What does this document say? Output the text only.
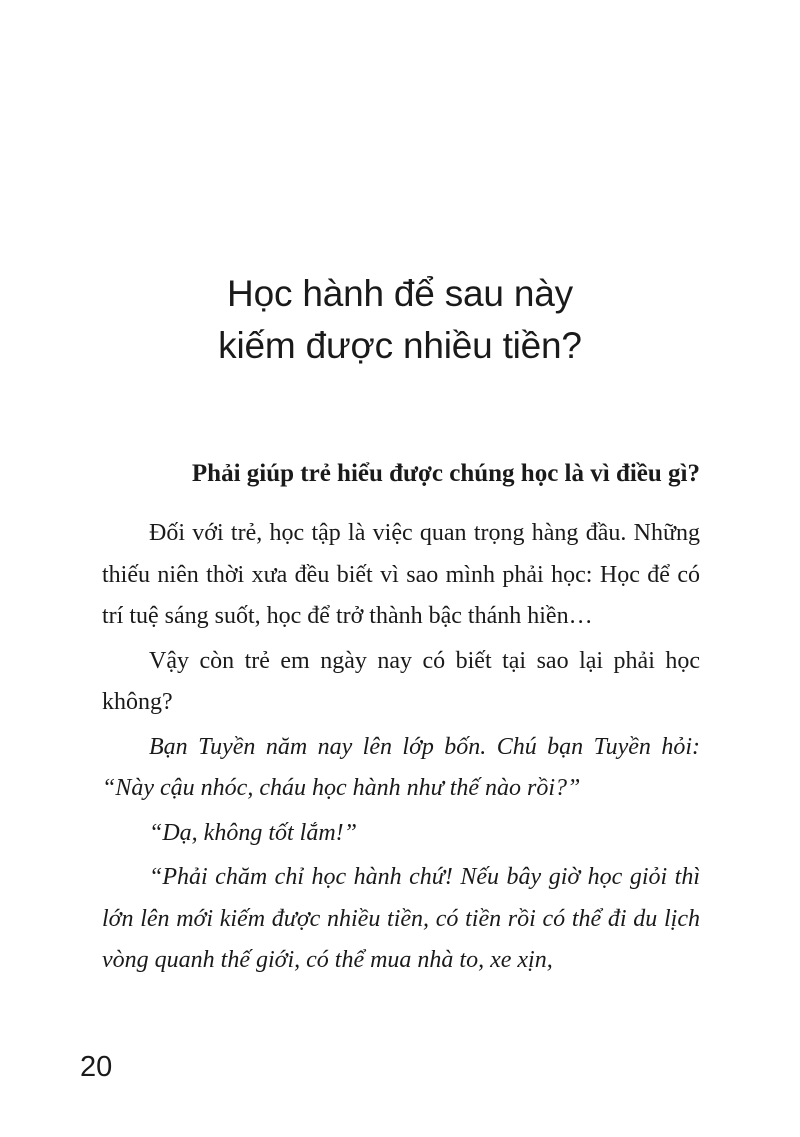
Học hành để sau này
kiếm được nhiều tiền?
Phải giúp trẻ hiểu được chúng học là vì điều gì?

Đối với trẻ, học tập là việc quan trọng hàng đầu. Những thiếu niên thời xưa đều biết vì sao mình phải học: Học để có trí tuệ sáng suốt, học để trở thành bậc thánh hiền…

Vậy còn trẻ em ngày nay có biết tại sao lại phải học không?

Bạn Tuyền năm nay lên lớp bốn. Chú bạn Tuyền hỏi: “Này cậu nhóc, cháu học hành như thế nào rồi?”

“Dạ, không tốt lắm!”

“Phải chăm chỉ học hành chứ! Nếu bây giờ học giỏi thì lớn lên mới kiếm được nhiều tiền, có tiền rồi có thể đi du lịch vòng quanh thế giới, có thể mua nhà to, xe xịn,

20
